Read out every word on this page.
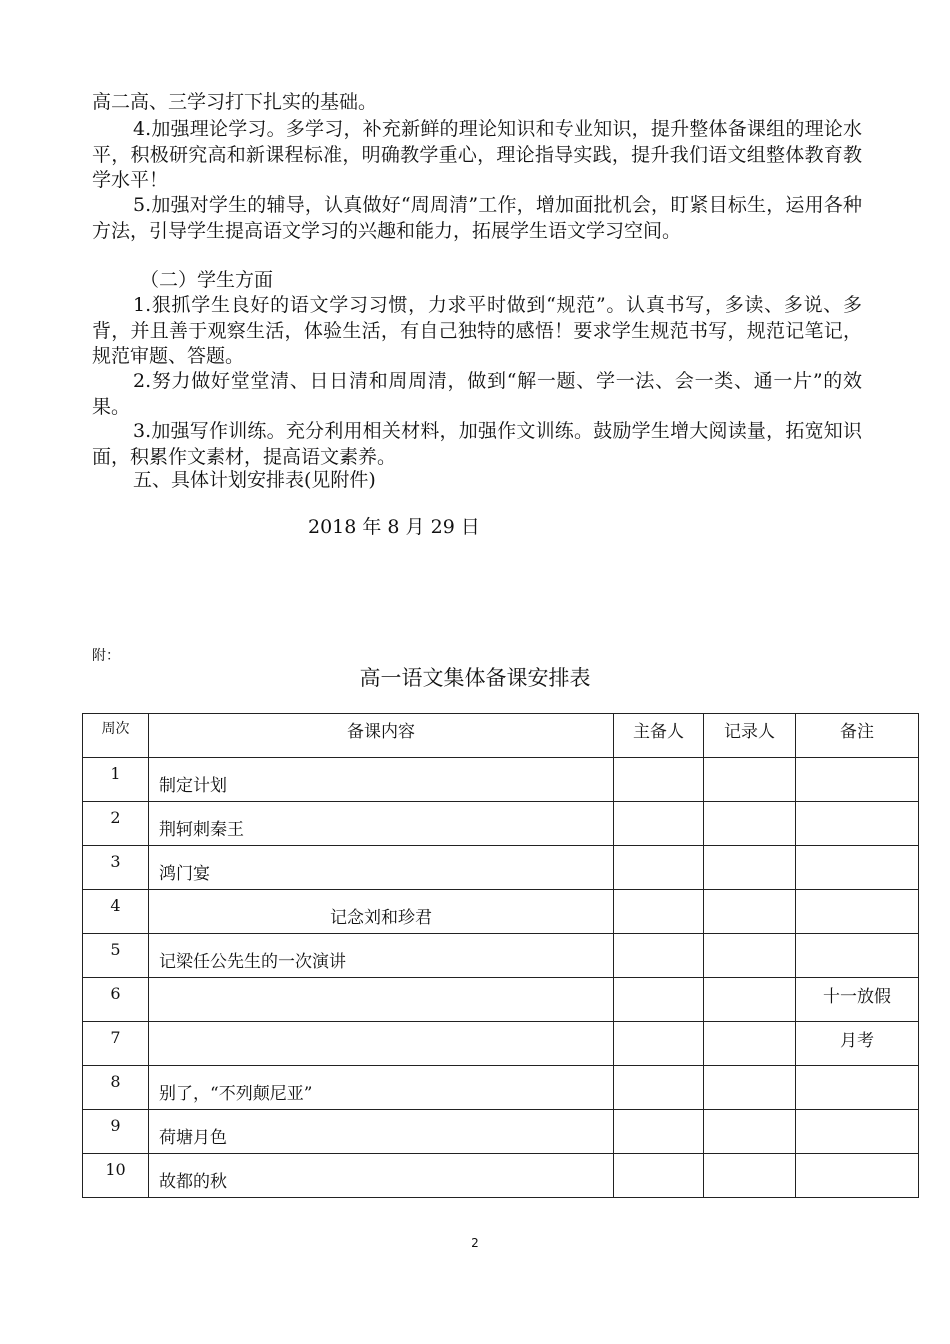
高二高、三学习打下扎实的基础。

4.加强理论学习。多学习，补充新鲜的理论知识和专业知识，提升整体备课组的理论水平，积极研究高和新课程标准，明确教学重心，理论指导实践，提升我们语文组整体教育教学水平！

5.加强对学生的辅导，认真做好“周周清”工作，增加面批机会，盯紧目标生，运用各种方法，引导学生提高语文学习的兴趣和能力，拓展学生语文学习空间。

（二）学生方面

1.狠抓学生良好的语文学习习惯，力求平时做到“规范”。认真书写，多读、多说、多背，并且善于观察生活，体验生活，有自己独特的感悟！要求学生规范书写，规范记笔记，规范审题、答题。

2.努力做好堂堂清、日日清和周周清，做到“解一题、学一法、会一类、通一片”的效果。

3.加强写作训练。充分利用相关材料，加强作文训练。鼓励学生增大阅读量，拓宽知识面，积累作文素材，提高语文素养。

五、具体计划安排表(见附件)

2018 年 8 月 29 日
附：
高一语文集体备课安排表
周次	备课内容	主备人	记录人	备注

1	制定计划			

2	荆轲刺秦王			

3	鸿门宴			

4	记念刘和珍君			

5	记梁任公先生的一次演讲			

6				十一放假

7				月考

8	别了，“不列颠尼亚”			

9	荷塘月色			

10	故都的秋			

2
